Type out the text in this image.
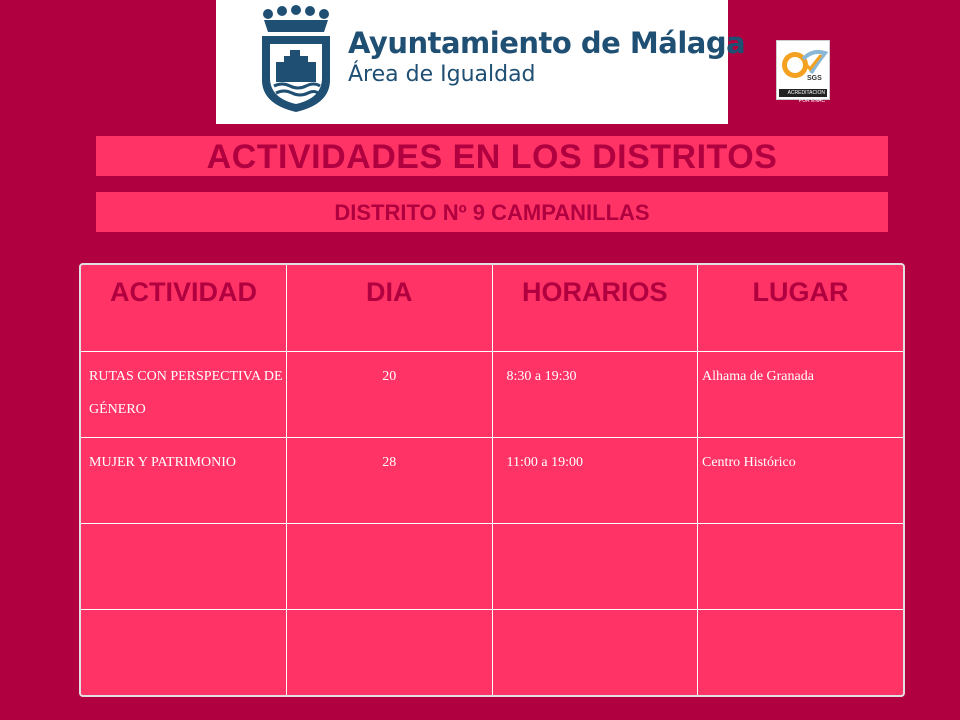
Ayuntamiento de Málaga
Área de Igualdad	SGS
ACREDITACION POR ENAC
ACTIVIDADES EN LOS DISTRITOS
DISTRITO Nº 9 CAMPANILLAS
ACTIVIDAD	DIA	HORARIOS	LUGAR
RUTAS CON PERSPECTIVA DE GÉNERO	20	8:30 a 19:30	Alhama de Granada
MUJER Y PATRIMONIO	28	11:00 a 19:00	Centro Histórico
